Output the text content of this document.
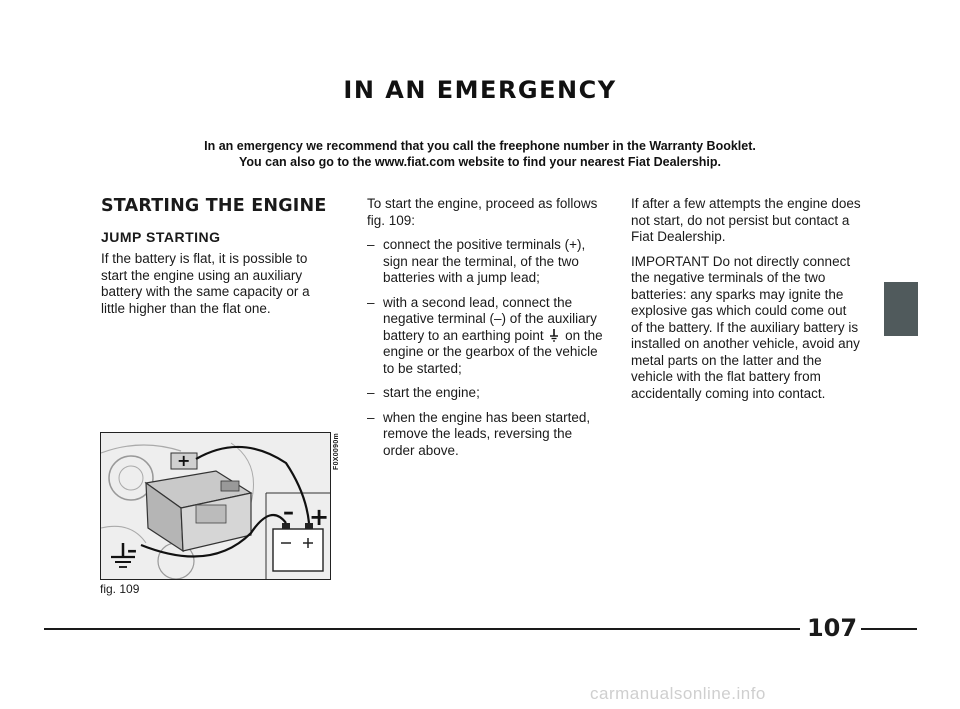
IN AN EMERGENCY
In an emergency we recommend that you call the freephone number in the Warranty Booklet.
You can also go to the www.fiat.com website to find your nearest Fiat Dealership.
STARTING THE ENGINE
JUMP STARTING

If the battery is flat, it is possible to start the engine using an auxiliary battery with the same capacity or a little higher than the flat one.

To start the engine, proceed as follows fig. 109:

– connect the positive terminals (+), sign near the terminal, of the two batteries with a jump lead;
– with a second lead, connect the negative terminal (–) of the auxiliary battery to an earthing point on the engine or the gearbox of the vehicle to be started;
– start the engine;
– when the engine has been started, remove the leads, reversing the order above.

If after a few attempts the engine does not start, do not persist but contact a Fiat Dealership.

IMPORTANT Do not directly connect the negative terminals of the two batteries: any sparks may ignite the explosive gas which could come out of the battery. If the auxiliary battery is installed on another vehicle, avoid any metal parts on the latter and the vehicle with the flat battery from accidentally coming into contact.

+
– +
–
F0X0090m
fig. 109
107
carmanualsonline.info
